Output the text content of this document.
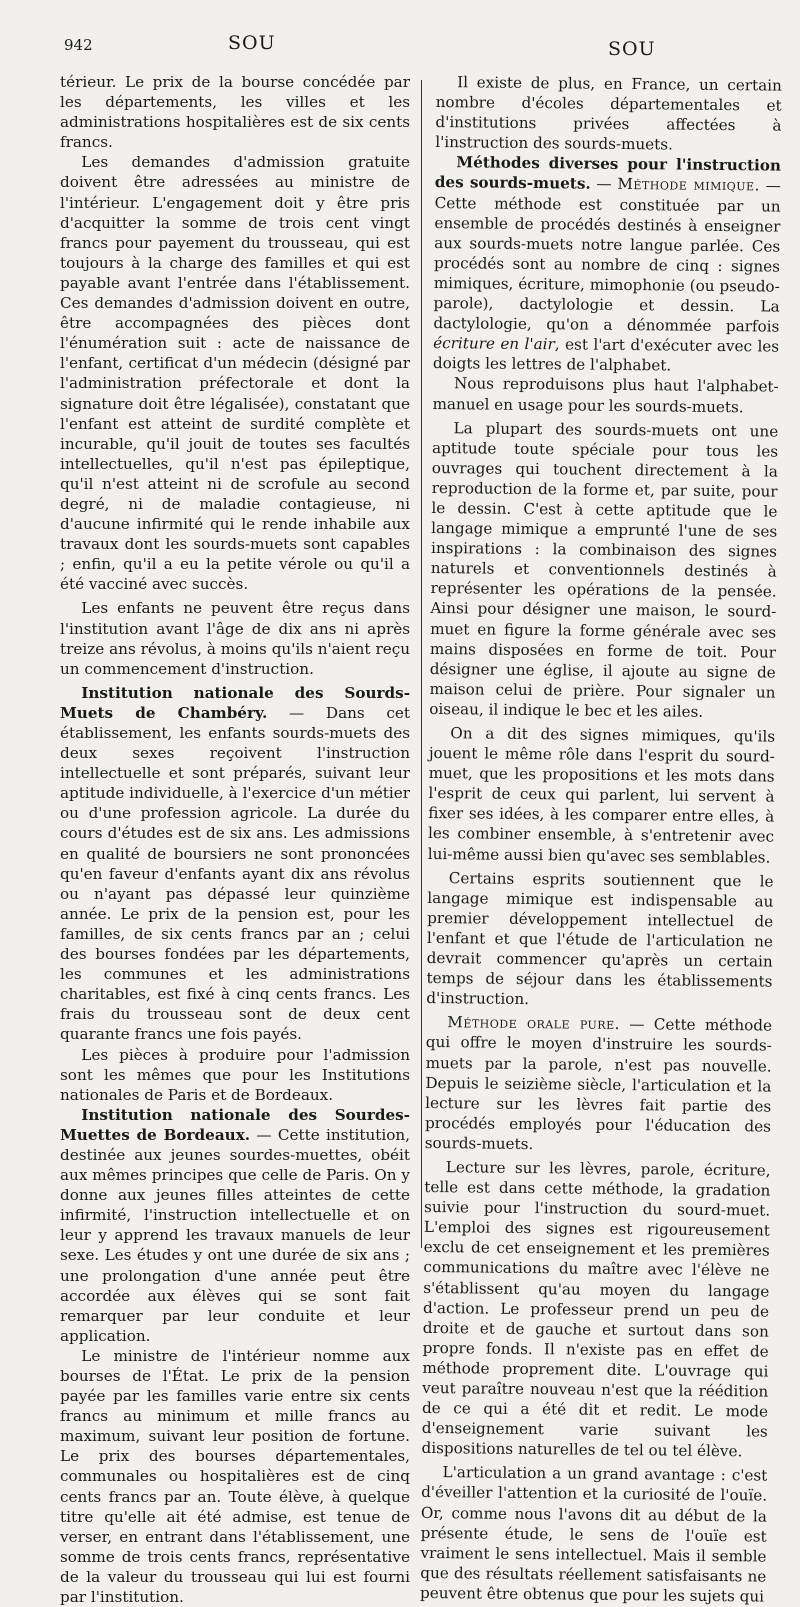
942	SOU	SOU

térieur. Le prix de la bourse concédée par les départements, les villes et les administrations hospitalières est de six cents francs.

Les demandes d'admission gratuite doivent être adressées au ministre de l'intérieur. L'engagement doit y être pris d'acquitter la somme de trois cent vingt francs pour payement du trousseau, qui est toujours à la charge des familles et qui est payable avant l'entrée dans l'établissement. Ces demandes d'admission doivent en outre, être accompagnées des pièces dont l'énumération suit : acte de naissance de l'enfant, certificat d'un médecin (désigné par l'administration préfectorale et dont la signature doit être légalisée), constatant que l'enfant est atteint de surdité complète et incurable, qu'il jouit de toutes ses facultés intellectuelles, qu'il n'est pas épileptique, qu'il n'est atteint ni de scrofule au second degré, ni de maladie contagieuse, ni d'aucune infirmité qui le rende inhabile aux travaux dont les sourds-muets sont capables ; enfin, qu'il a eu la petite vérole ou qu'il a été vacciné avec succès.

Les enfants ne peuvent être reçus dans l'institution avant l'âge de dix ans ni après treize ans révolus, à moins qu'ils n'aient reçu un commencement d'instruction.

Institution nationale des Sourds-Muets de Chambéry. — Dans cet établissement, les enfants sourds-muets des deux sexes reçoivent l'instruction intellectuelle et sont préparés, suivant leur aptitude individuelle, à l'exercice d'un métier ou d'une profession agricole. La durée du cours d'études est de six ans. Les admissions en qualité de boursiers ne sont prononcées qu'en faveur d'enfants ayant dix ans révolus ou n'ayant pas dépassé leur quinzième année. Le prix de la pension est, pour les familles, de six cents francs par an ; celui des bourses fondées par les départements, les communes et les administrations charitables, est fixé à cinq cents francs. Les frais du trousseau sont de deux cent quarante francs une fois payés.

Les pièces à produire pour l'admission sont les mêmes que pour les Institutions nationales de Paris et de Bordeaux.

Institution nationale des Sourdes-Muettes de Bordeaux. — Cette institution, destinée aux jeunes sourdes-muettes, obéit aux mêmes principes que celle de Paris. On y donne aux jeunes filles atteintes de cette infirmité, l'instruction intellectuelle et on leur y apprend les travaux manuels de leur sexe. Les études y ont une durée de six ans ; une prolongation d'une année peut être accordée aux élèves qui se sont fait remarquer par leur conduite et leur application.

Le ministre de l'intérieur nomme aux bourses de l'État. Le prix de la pension payée par les familles varie entre six cents francs au minimum et mille francs au maximum, suivant leur position de fortune. Le prix des bourses départementales, communales ou hospitalières est de cinq cents francs par an. Toute élève, à quelque titre qu'elle ait été admise, est tenue de verser, en entrant dans l'établissement, une somme de trois cents francs, représentative de la valeur du trousseau qui lui est fourni par l'institution.

Il existe de plus, en France, un certain nombre d'écoles départementales et d'institutions privées affectées à l'instruction des sourds-muets.

Méthodes diverses pour l'instruction des sourds-muets. — Méthode mimique. — Cette méthode est constituée par un ensemble de procédés destinés à enseigner aux sourds-muets notre langue parlée. Ces procédés sont au nombre de cinq : signes mimiques, écriture, mimophonie (ou pseudo-parole), dactylologie et dessin. La dactylologie, qu'on a dénommée parfois écriture en l'air, est l'art d'exécuter avec les doigts les lettres de l'alphabet.

Nous reproduisons plus haut l'alphabet-manuel en usage pour les sourds-muets.

La plupart des sourds-muets ont une aptitude toute spéciale pour tous les ouvrages qui touchent directement à la reproduction de la forme et, par suite, pour le dessin. C'est à cette aptitude que le langage mimique a emprunté l'une de ses inspirations : la combinaison des signes naturels et conventionnels destinés à représenter les opérations de la pensée. Ainsi pour désigner une maison, le sourd-muet en figure la forme générale avec ses mains disposées en forme de toit. Pour désigner une église, il ajoute au signe de maison celui de prière. Pour signaler un oiseau, il indique le bec et les ailes.

On a dit des signes mimiques, qu'ils jouent le même rôle dans l'esprit du sourd-muet, que les propositions et les mots dans l'esprit de ceux qui parlent, lui servent à fixer ses idées, à les comparer entre elles, à les combiner ensemble, à s'entretenir avec lui-même aussi bien qu'avec ses semblables.

Certains esprits soutiennent que le langage mimique est indispensable au premier développement intellectuel de l'enfant et que l'étude de l'articulation ne devrait commencer qu'après un certain temps de séjour dans les établissements d'instruction.

Méthode orale pure. — Cette méthode qui offre le moyen d'instruire les sourds-muets par la parole, n'est pas nouvelle. Depuis le seizième siècle, l'articulation et la lecture sur les lèvres fait partie des procédés employés pour l'éducation des sourds-muets.

Lecture sur les lèvres, parole, écriture, telle est dans cette méthode, la gradation suivie pour l'instruction du sourd-muet. L'emploi des signes est rigoureusement exclu de cet enseignement et les premières communications du maître avec l'élève ne s'établissent qu'au moyen du langage d'action. Le professeur prend un peu de droite et de gauche et surtout dans son propre fonds. Il n'existe pas en effet de méthode proprement dite. L'ouvrage qui veut paraître nouveau n'est que la réédition de ce qui a été dit et redit. Le mode d'enseignement varie suivant les dispositions naturelles de tel ou tel élève.

L'articulation a un grand avantage : c'est d'éveiller l'attention et la curiosité de l'ouïe. Or, comme nous l'avons dit au début de la présente étude, le sens de l'ouïe est vraiment le sens intellectuel. Mais il semble que des résultats réellement satisfaisants ne peuvent être obtenus que pour les sujets qui
